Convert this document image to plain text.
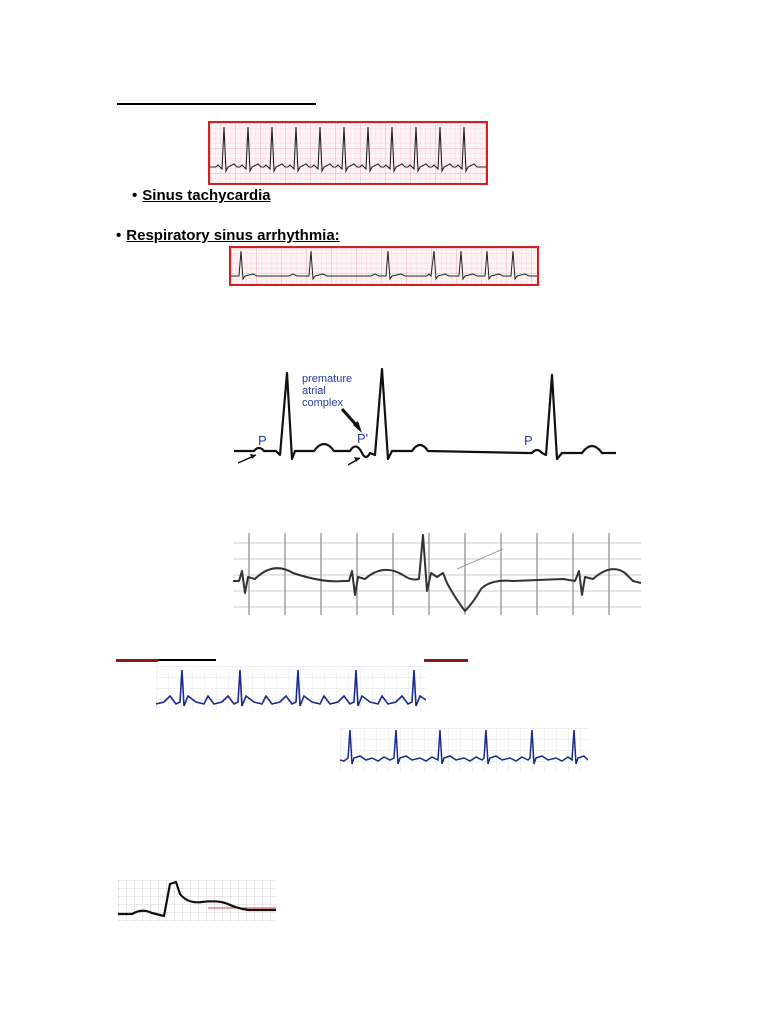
• Sinus tachycardia
• Respiratory sinus arrhythmia:
P	P'	P
premature
atrial
complex
